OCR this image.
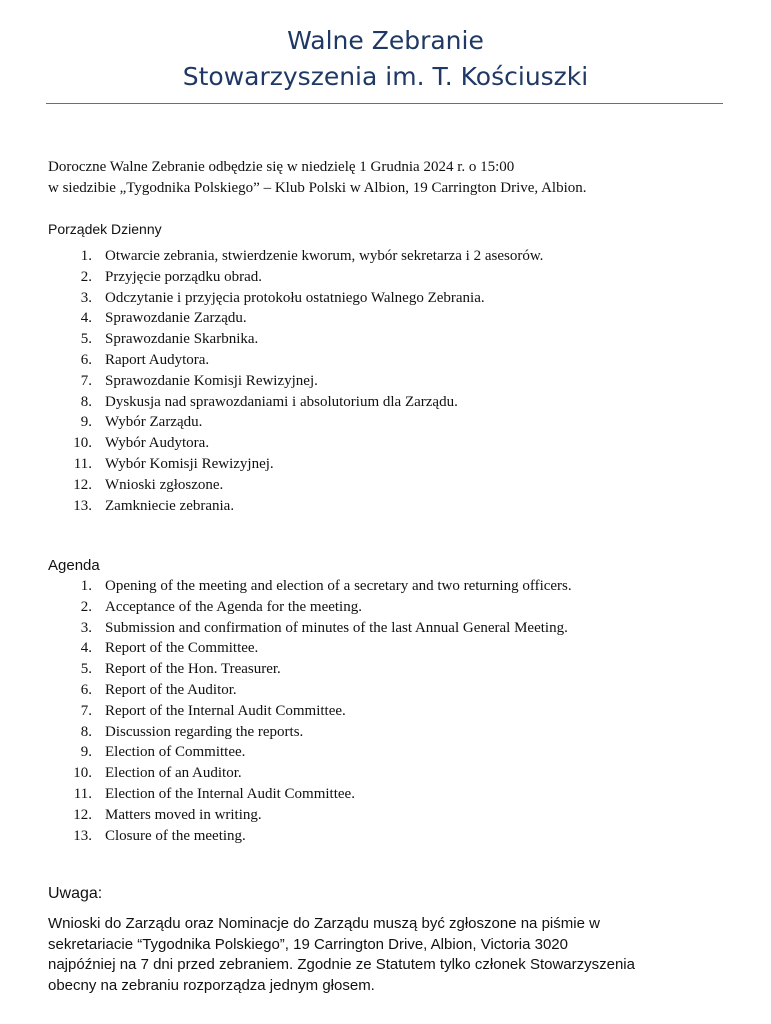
Walne Zebranie
Stowarzyszenia im. T. Kościuszki
Doroczne Walne Zebranie odbędzie się w niedzielę 1 Grudnia 2024 r. o 15:00
w siedzibie „Tygodnika Polskiego” – Klub Polski w Albion, 19 Carrington Drive, Albion.
Porządek Dzienny
1. Otwarcie zebrania, stwierdzenie kworum, wybór sekretarza i 2 asesorów.
2. Przyjęcie porządku obrad.
3. Odczytanie i przyjęcia protokołu ostatniego Walnego Zebrania.
4. Sprawozdanie Zarządu.
5. Sprawozdanie Skarbnika.
6. Raport Audytora.
7. Sprawozdanie Komisji Rewizyjnej.
8. Dyskusja nad sprawozdaniami i absolutorium dla Zarządu.
9. Wybór Zarządu.
10. Wybór Audytora.
11. Wybór Komisji Rewizyjnej.
12. Wnioski zgłoszone.
13. Zamkniecie zebrania.
Agenda
1. Opening of the meeting and election of a secretary and two returning officers.
2. Acceptance of the Agenda for the meeting.
3. Submission and confirmation of minutes of the last Annual General Meeting.
4. Report of the Committee.
5. Report of the Hon. Treasurer.
6. Report of the Auditor.
7. Report of the Internal Audit Committee.
8. Discussion regarding the reports.
9. Election of Committee.
10. Election of an Auditor.
11. Election of the Internal Audit Committee.
12. Matters moved in writing.
13. Closure of the meeting.
Uwaga:
Wnioski do Zarządu oraz Nominacje do Zarządu muszą być zgłoszone na piśmie w
sekretariacie “Tygodnika Polskiego”, 19 Carrington Drive, Albion, Victoria 3020
najpóźniej na 7 dni przed zebraniem. Zgodnie ze Statutem tylko członek Stowarzyszenia
obecny na zebraniu rozporządza jednym głosem.
